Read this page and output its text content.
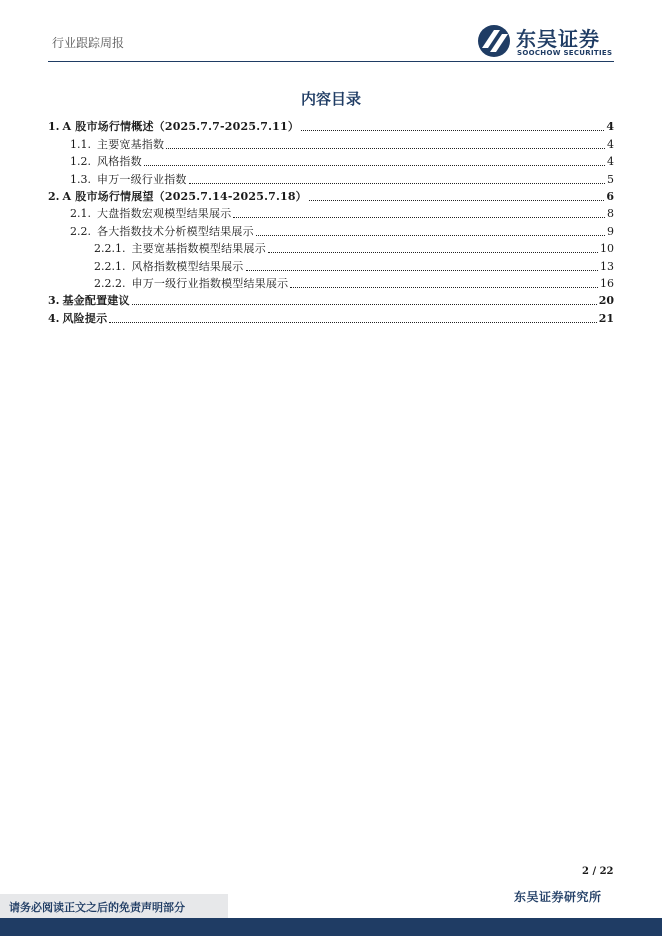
行业跟踪周报	东吴证券
SOOCHOW SECURITIES
内容目录
1. A 股市场行情概述（2025.7.7-2025.7.11）	4
1.1. 主要宽基指数	4
1.2. 风格指数	4
1.3. 申万一级行业指数	5
2. A 股市场行情展望（2025.7.14-2025.7.18）	6
2.1. 大盘指数宏观模型结果展示	8
2.2. 各大指数技术分析模型结果展示	9
2.2.1. 主要宽基指数模型结果展示	10
2.2.1. 风格指数模型结果展示	13
2.2.2. 申万一级行业指数模型结果展示	16
3. 基金配置建议	20
4. 风险提示	21
2 / 22
东吴证券研究所
请务必阅读正文之后的免责声明部分
